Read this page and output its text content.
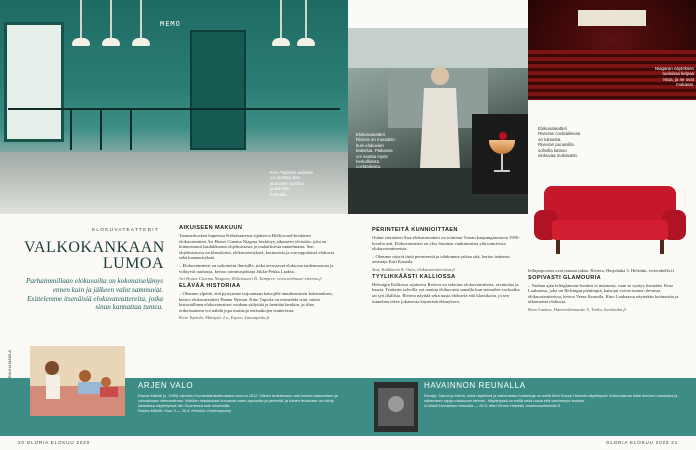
MEMO
Kino Tapiolan aulassa
voi aloittaa illan
elokuvien parissa
ja kahvilan
herkuilla.
ELOKUVATEATTERIT
VALKOKANKAAN
LUMOA
Parhaimmillaan elokuvailta on kokonaiselämys ennen kuin ja jälkeen valot sammuvat. Esittelemme itsenäisiä elokuvateattereita, jotka sinun kannattaa tuntea.
AIKUISEEN MAKUUN

Tammerkosken kupeessa Kehräsaaressa sijaitseva Hollywood-henkinen elokuvateatteri Art House Cinema Niagara keskittyy aikuiseen yleisöön, joka on kiinnostunut laadukkaasta ohjelmistosta ja rauhallisesta tunnelmasta. Sen ohjelmistossa on klassikoita, elokuvaesityksiä, kotimaisia ja eurooppalaisia elokuvia sekä kantaesityksiä.

– Elokuvateatteri on tarkoitettu ihmisille, jotka arvostavat elokuvaa taidemuotona ja viihtyvät rauhassa, kertoo toimitusjohtaja Jukka-Pekka Laakso.

Art House Cinema Niagara, Kehräsaari B, Tampere, www.arthouse-cinema.fi

ELÄVÄÄ HISTORIAA

– Olemme ylpeitä, että pystymme tarjoamaan katsojille ainutlaatuisen kokemuksen, kertoo elokuvateatteri Hanna Nyman. Kino Tapiola on esimerkki siitä, miten historiallinen elokuvateatteri voidaan säilyttää ja herättää henkiin, ja tilan erikoisuutena voi nähdä jopa muistoja entisaikojen teattereista.

Kino Tapiola, Mäntytie 2 a, Espoo, kinotapiola.fi

RAUHA MÄKILÄ
ARJEN VALO
Rauha Mäkilä (s. 1985) valmistui Kuvataideakatemiasta vuonna 2012. Hänen teoksissaan arki kohtaa satumaisen ja voimakkaan värimaailman. Mäkilän maalaukset kuvaavat usein lapsuutta ja perhettä, ja hänen teoksiaan on nähty lukuisissa näyttelyissä niin Suomessa kuin ulkomailla.
Rauha Mäkilä: Huur 3 — 30.8. Helsinki Contemporary.
20 GLORIA ELOKUU 2020
Elokuvateatteri
Riviera on muutakin
kuin elokuvien
katselua. Paikassa
voi nauttia myös
herkullisista
cocktaileista.
Niagaran näytöksen
tuoleissa kelpaa
istua, ja ne ovat
mukavat.
Elokuvateatteri
Rivieran cocktaileissa
on luksusta.
Rivieran punaisilla
sohvilla katsoo
elokuvaa mukavasti.
PERINTEITÄ KUNNIOITTAEN

Oulun vieraitaisi Star-elokuvateatteri on toiminut Tuiran kaupunginosassa 1950-luvulta asti. Elokuvateatteri on yksi Suomen vanhimmista yhä toimivista elokuvateattereista.

– Olemme nöyriä tästä perinteestä ja tahdomme jatkaa sitä, kertoo teatterin omistaja Kari Kantala.

Star, Kalkkurin 8, Oulu, elokuvateatteristar.fi

TYYLIKKÄÄSTI KALLIOSSA

Helsingin Kalliossa sijaitseva Riviera on sekoitus elokuvateatteria, ravintolaa ja baaria. Teatterin sohvilla voi nauttia elokuvasta samalla kun siemailee cocktailia tai syö illallista. Riviera näyttää sekä uusia elokuvia että klassikoita, ja sen tunnelma tekee jokaisesta käynnistä elämyksen.

leffapopcornit ovat omasta takaa. Riviera, Harjuhaka 3, Helsinki, rivierahelki.fi

SOPIVASTI GLAMOURIA

– Vanhan ajan leffaglamour-henkeä ei mainosta, vaan se syntyy itsestään. Kino Laukaassa, joka on Helsingin pienimpiä, katsojat voivat tuntea olevansa elokuvateatterissa, kertoo Veera Krasnila. Kino Laukaassa näytetään kotimaisia ja ulkomaisia elokuvia.

Kino Laukas, Hämeenlinnantie 5, Turku, kinolauka.fi

HAVAINNON REUNALLA
Rovaja, Sanna ja Heinä, sekä näytelmä ja kaikenlaisia tuotantoja on esillä Med House Helsinki-näyttelyssä. Kokonaisuus tutkii ihmisen havaintoa ja näkemisen rajoja valokuvan keinoin. Näyttelyssä on esillä sekä uusia että vanhempia teoksia.
A Heinä Havainnon reunoilla — 20.9. Med House Helsinki, medhousehelsinki.fi
GLORIA ELOKUU 2020 21
